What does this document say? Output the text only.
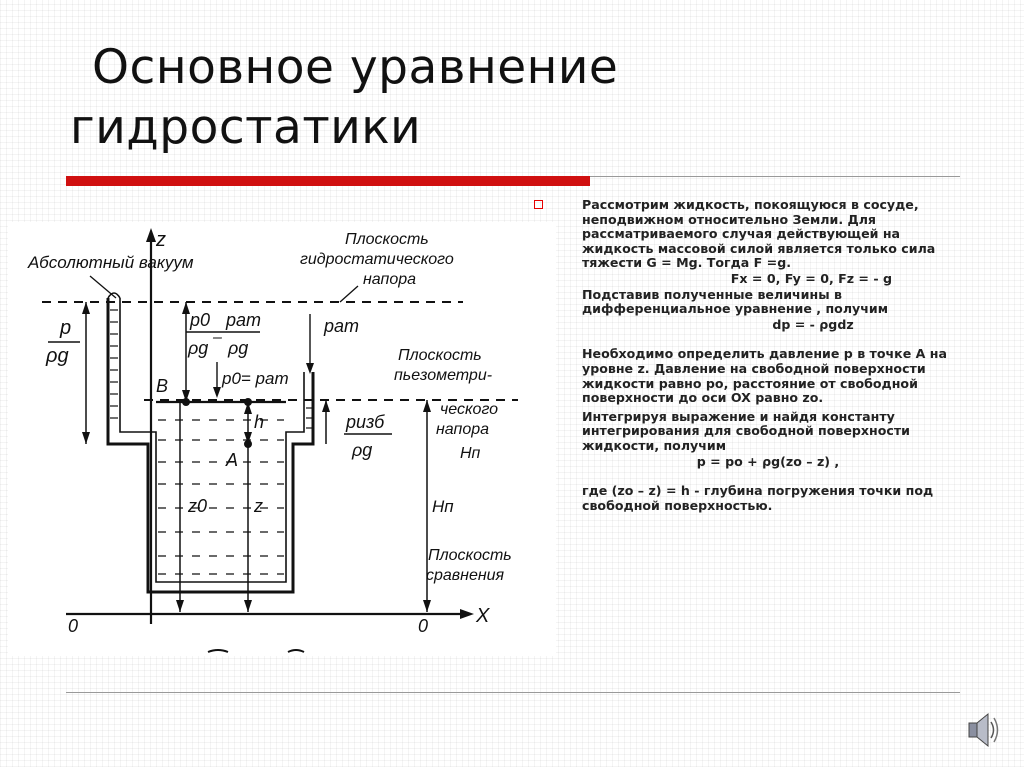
Основное уравнение
гидростатики
z
X
0	0
B
A
Абсолютный вакуум
Плоскость
гидростатического
напора
Плоскость
пьезометри-
ческого
напора
Hп
Hп
Плоскость
сравнения
p
ρg
p0
–
pат
ρg ρg
p0= pат
pат
h
z0	z
pизб
ρg

Рассмотрим жидкость, покоящуюся в сосуде, неподвижном относительно Земли. Для рассматриваемого случая действующей на жидкость массовой силой является только сила тяжести G = Mg. Тогда F =g.

Fx = 0, Fy = 0, Fz = - g

Подставив полученные величины в дифференциальное уравнение , получим

dp = - ρgdz

Необходимо определить давление p в точке A на уровне z. Давление на свободной поверхности жидкости равно po, расстояние от свободной поверхности до оси OX равно zo.

Интегрируя выражение и найдя константу интегрирования для свободной поверхности жидкости, получим

p = po + ρg(zo – z) ,

где (zo – z) = h - глубина погружения точки под свободной поверхностью.
